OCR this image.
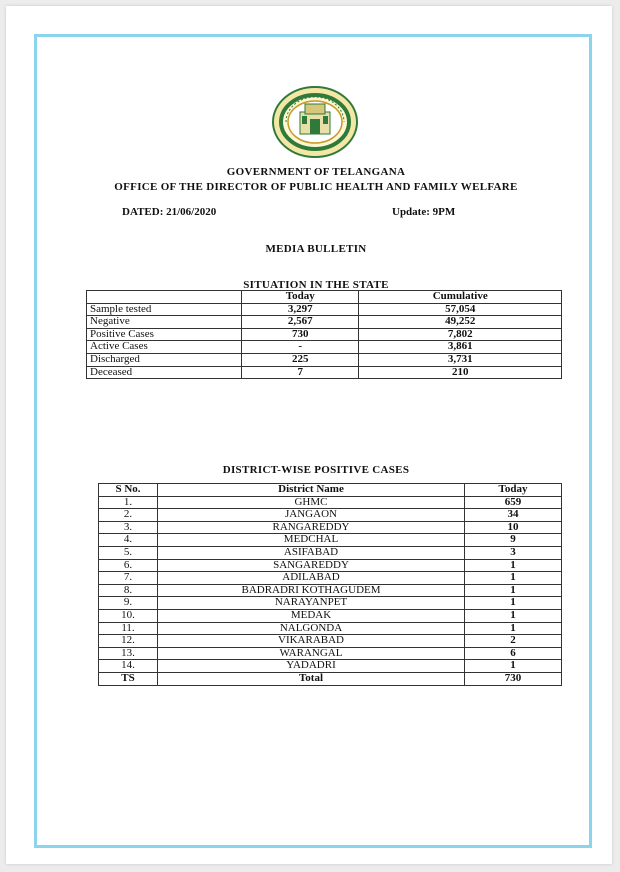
GOVERNMENT OF TELANGANA
OFFICE OF THE DIRECTOR OF PUBLIC HEALTH AND FAMILY WELFARE
DATED: 21/06/2020	Update: 9PM
MEDIA BULLETIN
SITUATION IN THE STATE
	Today	Cumulative
Sample tested	3,297	57,054
Negative	2,567	49,252
Positive Cases	730	7,802
Active Cases	-	3,861
Discharged	225	3,731
Deceased	7	210
DISTRICT-WISE POSITIVE CASES
S No.	District Name	Today
1.	GHMC	659
2.	JANGAON	34
3.	RANGAREDDY	10
4.	MEDCHAL	9
5.	ASIFABAD	3
6.	SANGAREDDY	1
7.	ADILABAD	1
8.	BADRADRI KOTHAGUDEM	1
9.	NARAYANPET	1
10.	MEDAK	1
11.	NALGONDA	1
12.	VIKARABAD	2
13.	WARANGAL	6
14.	YADADRI	1
TS	Total	730
